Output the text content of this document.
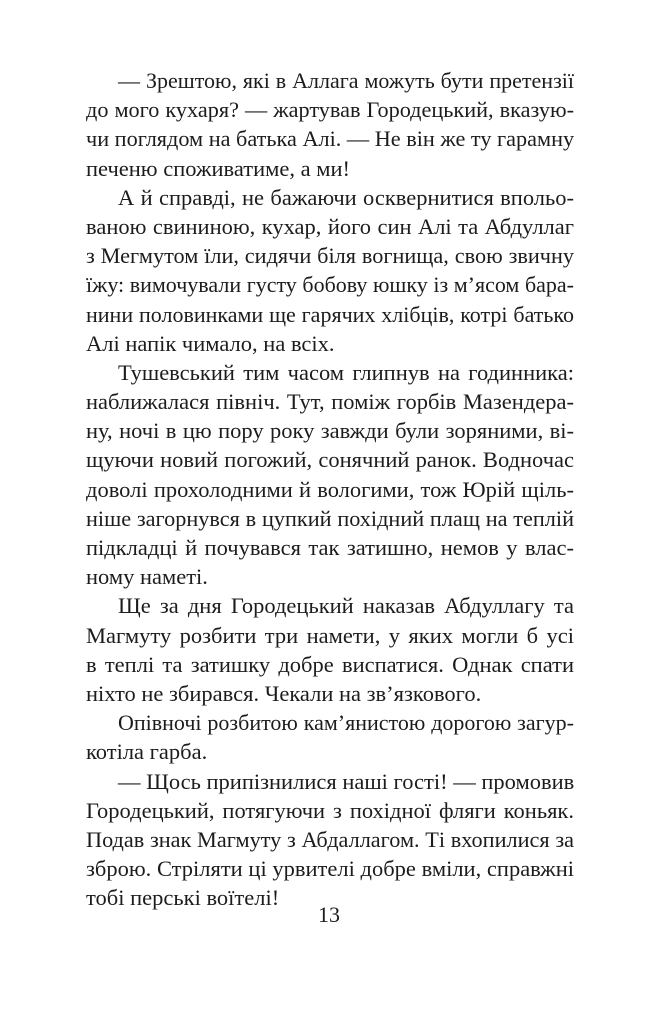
— Зрештою, які в Аллага можуть бути претензії
до мого кухаря? — жартував Городецький, вказую-
чи поглядом на батька Алі. — Не він же ту гарамну
печеню споживатиме, а ми!
А й справді, не бажаючи осквернитися впольо-
ваною свининою, кухар, його син Алі та Абдуллаг
з Мегмутом їли, сидячи біля вогнища, свою звичну
їжу: вимочували густу бобову юшку із м’ясом бара-
нини половинками ще гарячих хлібців, котрі батько
Алі напік чимало, на всіх.
Тушевський тим часом глипнув на годинника:
наближалася північ. Тут, поміж горбів Мазендера-
ну, ночі в цю пору року завжди були зоряними, ві-
щуючи новий погожий, сонячний ранок. Водночас
доволі прохолодними й вологими, тож Юрій щіль-
ніше загорнувся в цупкий похідний плащ на теплій
підкладці й почувався так затишно, немов у влас-
ному наметі.
Ще за дня Городецький наказав Абдуллагу та
Магмуту розбити три намети, у яких могли б усі
в теплі та затишку добре виспатися. Однак спати
ніхто не збирався. Чекали на зв’язкового.
Опівночі розбитою кам’янистою дорогою загур-
котіла гарба.
— Щось припізнилися наші гості! — промовив
Городецький, потягуючи з похідної фляги коньяк.
Подав знак Магмуту з Абдаллагом. Ті вхопилися за
зброю. Стріляти ці урвителі добре вміли, справжні
тобі перські воїтелі!
13
